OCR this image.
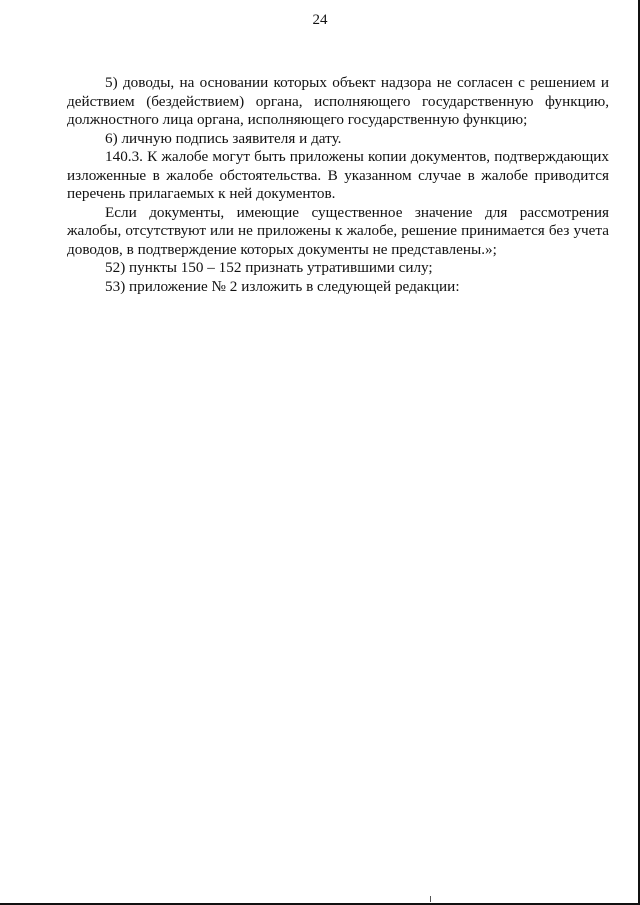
24

5) доводы, на основании которых объект надзора не согласен с решением и действием (бездействием) органа, исполняющего государственную функцию, должностного лица органа, исполняющего государственную функцию;

6) личную подпись заявителя и дату.

140.3. К жалобе могут быть приложены копии документов, подтверждающих изложенные в жалобе обстоятельства. В указанном случае в жалобе приводится перечень прилагаемых к ней документов.

Если документы, имеющие существенное значение для рассмотрения жалобы, отсутствуют или не приложены к жалобе, решение принимается без учета доводов, в подтверждение которых документы не представлены.»;

52) пункты 150 – 152 признать утратившими силу;

53) приложение № 2 изложить в следующей редакции:
